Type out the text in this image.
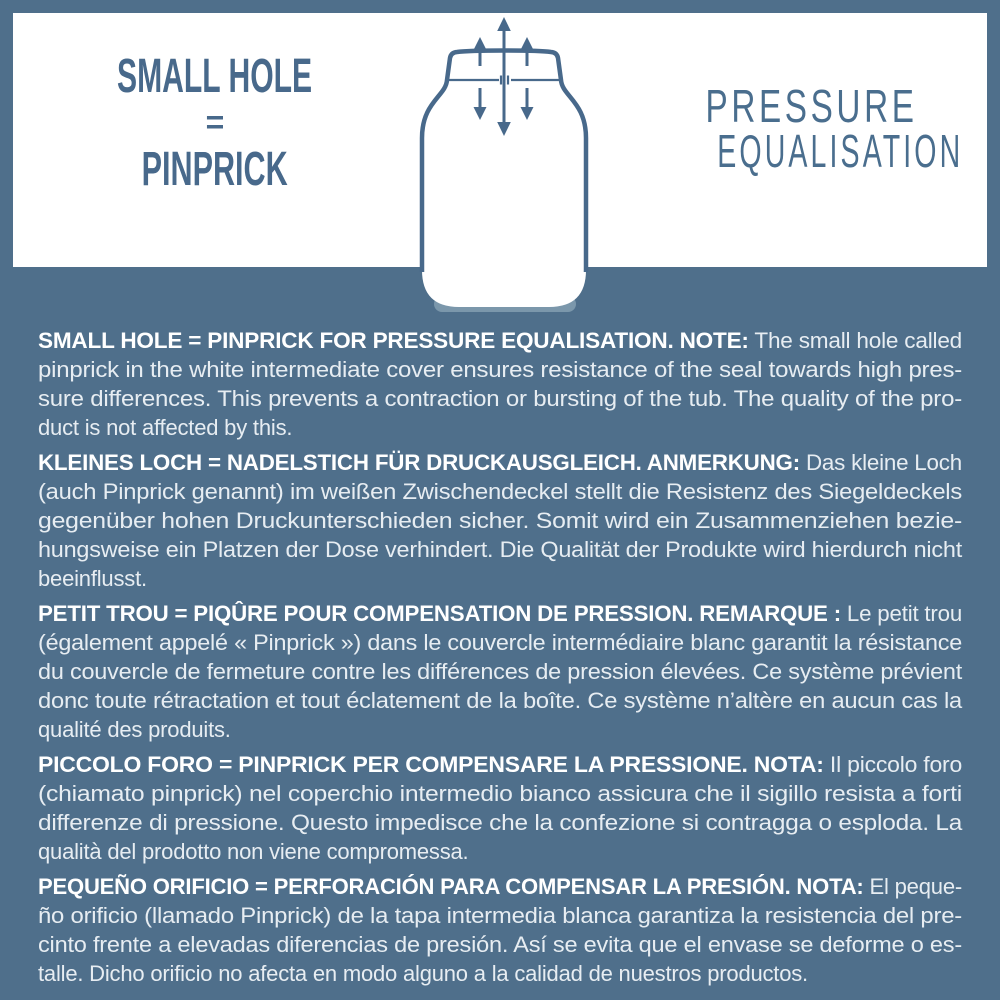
SMALL HOLE
=
PINPRICK
PRESSURE
EQUALISATION
SMALL HOLE = PINPRICK FOR PRESSURE EQUALISATION. NOTE: The small hole called
pinprick in the white intermediate cover ensures resistance of the seal towards high pres-
sure differences. This prevents a contraction or bursting of the tub. The quality of the pro-
duct is not affected by this.
KLEINES LOCH = NADELSTICH FÜR DRUCKAUSGLEICH. ANMERKUNG: Das kleine Loch
(auch Pinprick genannt) im weißen Zwischendeckel stellt die Resistenz des Siegeldeckels
gegenüber hohen Druckunterschieden sicher. Somit wird ein Zusammenziehen bezie-
hungsweise ein Platzen der Dose verhindert. Die Qualität der Produkte wird hierdurch nicht
beeinflusst.
PETIT TROU = PIQÛRE POUR COMPENSATION DE PRESSION. REMARQUE : Le petit trou
(également appelé « Pinprick ») dans le couvercle intermédiaire blanc garantit la résistance
du couvercle de fermeture contre les différences de pression élevées. Ce système prévient
donc toute rétractation et tout éclatement de la boîte. Ce système n’altère en aucun cas la
qualité des produits.
PICCOLO FORO = PINPRICK PER COMPENSARE LA PRESSIONE. NOTA: Il piccolo foro
(chiamato pinprick) nel coperchio intermedio bianco assicura che il sigillo resista a forti
differenze di pressione. Questo impedisce che la confezione si contragga o esploda. La
qualità del prodotto non viene compromessa.
PEQUEÑO ORIFICIO = PERFORACIÓN PARA COMPENSAR LA PRESIÓN. NOTA: El peque-
ño orificio (llamado Pinprick) de la tapa intermedia blanca garantiza la resistencia del pre-
cinto frente a elevadas diferencias de presión. Así se evita que el envase se deforme o es-
talle. Dicho orificio no afecta en modo alguno a la calidad de nuestros productos.
